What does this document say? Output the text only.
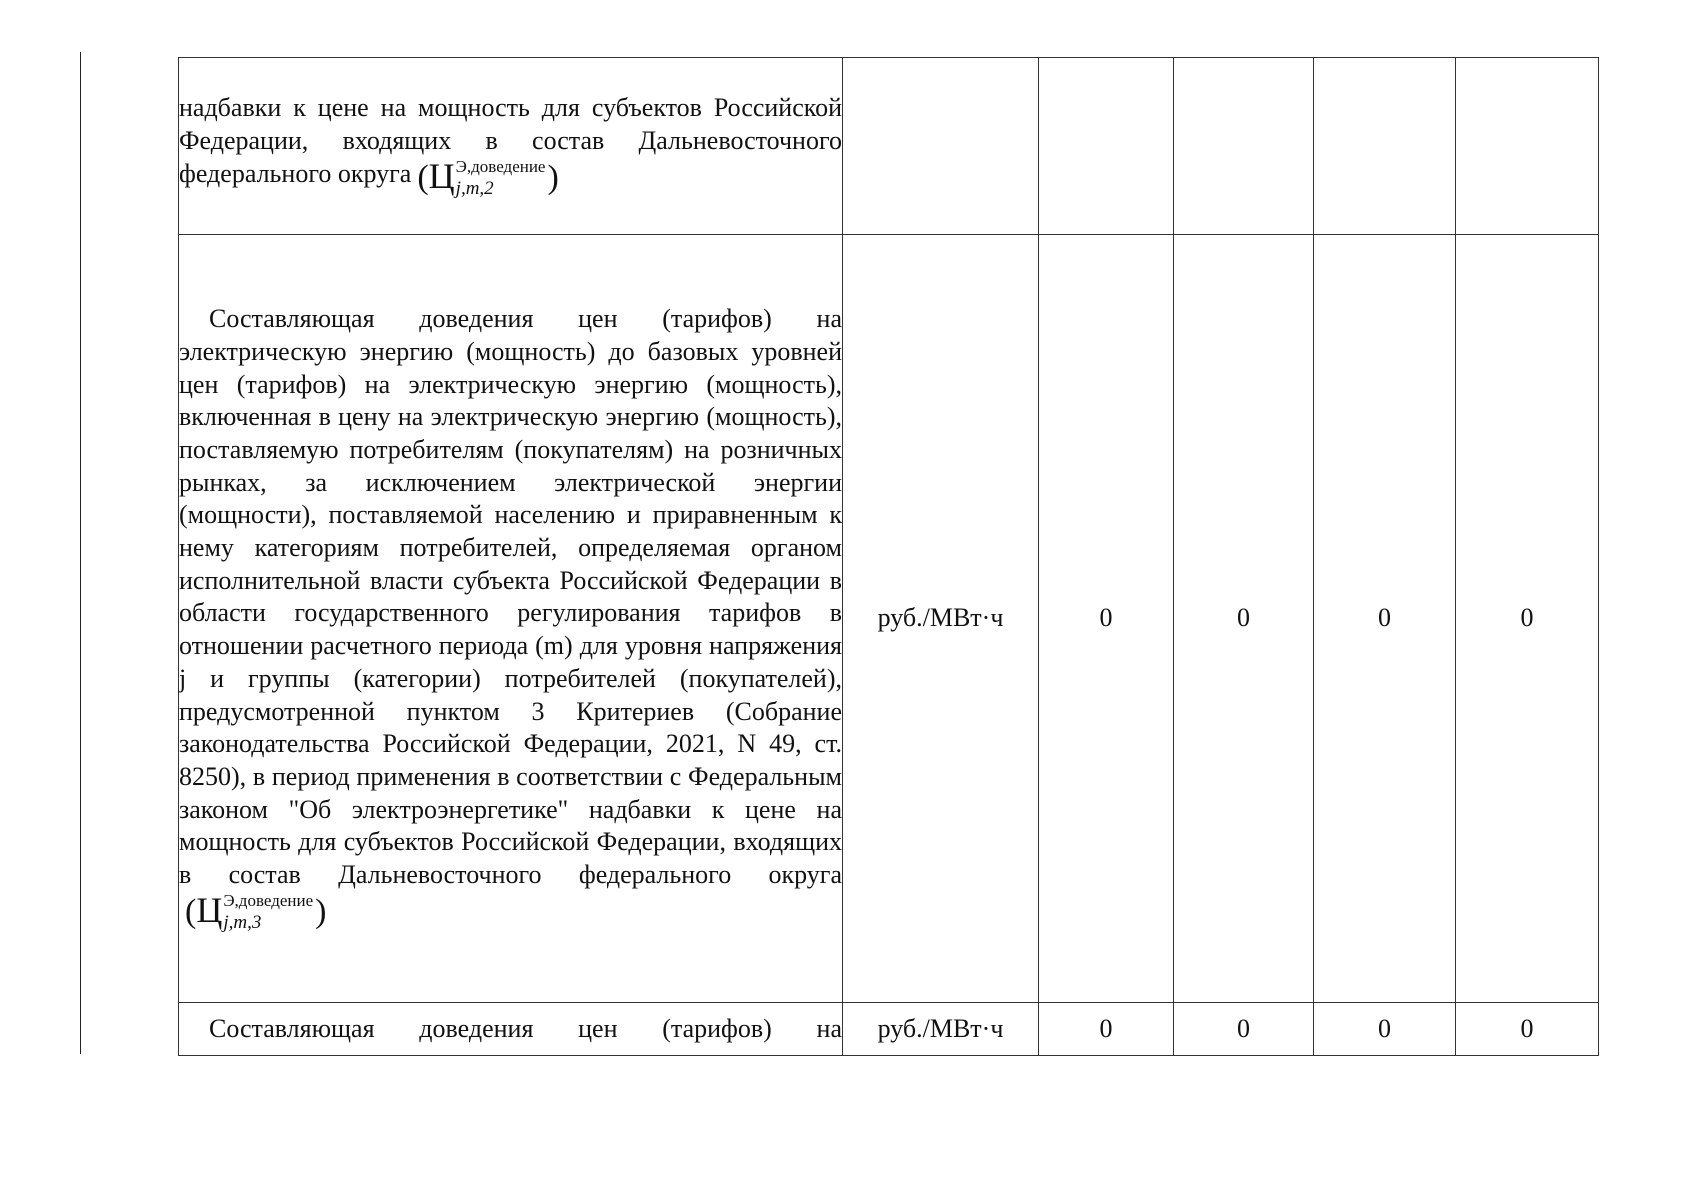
надбавки к цене на мощность для субъектов Российской Федерации, входящих в состав Дальневосточного федерального округа (Ц Э,доведение
j,m,2 )					
Составляющая доведения цен (тарифов) на электрическую энергию (мощность) до базовых уровней цен (тарифов) на электрическую энергию (мощность), включенная в цену на электрическую энергию (мощность), поставляемую потребителям (покупателям) на розничных рынках, за исключением электрической энергии (мощности), поставляемой населению и приравненным к нему категориям потребителей, определяемая органом исполнительной власти субъекта Российской Федерации в области государственного регулирования тарифов в отношении расчетного периода (m) для уровня напряжения j и группы (категории) потребителей (покупателей), предусмотренной пунктом 3 Критериев (Собрание законодательства Российской Федерации, 2021, N 49, ст. 8250), в период применения в соответствии с Федеральным законом "Об электроэнергетике" надбавки к цене на мощность для субъектов Российской Федерации, входящих в состав Дальневосточного федерального округа(Ц Э,доведение
j,m,3 )	руб./МВт·ч	0	0	0	0
Составляющая доведения цен (тарифов) на	руб./МВт·ч	0	0	0	0
